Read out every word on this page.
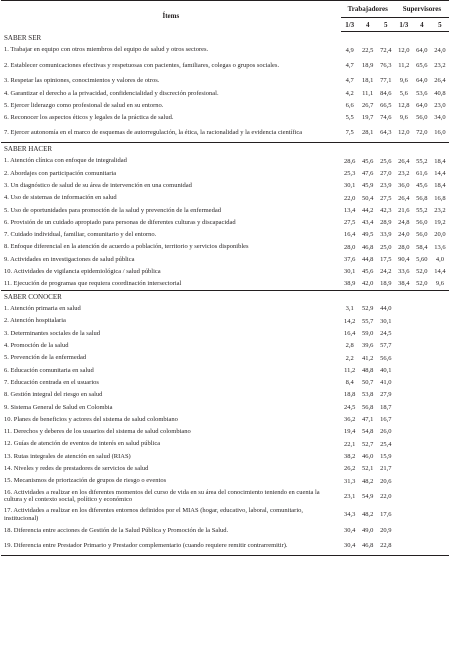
Ítems	Trabajadores			Supervisores		
	1/3	4	5	1/3	4	5
SABER SER						
1. Trabajar en equipo con otros miembros del equipo de salud y otros sectores.	4,9	22,5	72,4	12,0	64,0	24,0
2. Establecer comunicaciones efectivas y respetuosas con pacientes, familiares, colegas o grupos sociales.	4,7	18,9	76,3	11,2	65,6	23,2
3. Respetar las opiniones, conocimientos y valores de otros.	4,7	18,1	77,1	9,6	64,0	26,4
4. Garantizar el derecho a la privacidad, confidencialidad y discreción profesional.	4,2	11,1	84,6	5,6	53,6	40,8
5. Ejercer liderazgo como profesional de salud en su entorno.	6,6	26,7	66,5	12,8	64,0	23,0
6. Reconocer los aspectos éticos y legales de la práctica de salud.	5,5	19,7	74,6	9,6	56,0	34,0
7. Ejercer autonomía en el marco de esquemas de autorregulación, la ética, la racionalidad y la evidencia científica	7,5	28,1	64,3	12,0	72,0	16,0
SABER HACER						
1. Atención clínica con enfoque de integralidad	28,6	45,6	25,6	26,4	55,2	18,4
2. Abordajes con participación comunitaria	25,3	47,6	27,0	23,2	61,6	14,4
3. Un diagnóstico de salud de su área de intervención en una comunidad	30,1	45,9	23,9	36,0	45,6	18,4
4. Uso de sistemas de información en salud	22,0	50,4	27,5	26,4	56,8	16,8
5. Uso de oportunidades para promoción de la salud y prevención de la enfermedad	13,4	44,2	42,3	21,6	55,2	23,2
6. Provisión de un cuidado apropiado para personas de diferentes culturas y discapacidad	27,5	43,4	28,9	24,8	56,0	19,2
7. Cuidado individual, familiar, comunitario y del entorno.	16,4	49,5	33,9	24,0	56,0	20,0
8. Enfoque diferencial en la atención de acuerdo a población, territorio y servicios disponibles	28,0	46,8	25,0	28,0	58,4	13,6
9. Actividades en investigaciones de salud pública	37,6	44,8	17,5	90,4	5,60	4,0
10. Actividades de vigilancia epidemiológica / salud pública	30,1	45,6	24,2	33,6	52,0	14,4
11. Ejecución de programas que requiera coordinación intersectorial	38,9	42,0	18,9	38,4	52,0	9,6
SABER CONOCER						
1. Atención primaria en salud	3,1	52,9	44,0			
2. Atención hospitalaria	14,2	55,7	30,1			
3. Determinantes sociales de la salud	16,4	59,0	24,5			
4. Promoción de la salud	2,8	39,6	57,7			
5. Prevención de la enfermedad	2,2	41,2	56,6			
6. Educación comunitaria en salud	11,2	48,8	40,1			
7. Educación centrada en el usuarios	8,4	50,7	41,0			
8. Gestión integral del riesgo en salud	18,8	53,8	27,9			
9. Sistema General de Salud en Colombia	24,5	56,8	18,7			
10. Planes de beneficios y actores del sistema de salud colombiano	36,2	47,1	16,7			
11. Derechos y deberes de los usuarios del sistema de salud colombiano	19,4	54,8	26,0			
12. Guías de atención de eventos de interés en salud pública	22,1	52,7	25,4			
13. Rutas integrales de atención en salud (RIAS)	38,2	46,0	15,9			
14. Niveles y redes de prestadores de servicios de salud	26,2	52,1	21,7			
15. Mecanismos de priorización de grupos de riesgo o eventos	31,3	48,2	20,6			
16. Actividades a realizar en los diferentes momentos del curso de vida en su área del conocimiento teniendo en cuenta la cultura y el contexto social, político y económico	23,1	54,9	22,0			
17. Actividades a realizar en los diferentes entornos definidos por el MIAS (hogar, educativo, laboral, comunitario, institucional)	34,3	48,2	17,6			
18. Diferencia entre acciones de Gestión de la Salud Pública y Promoción de la Salud.	30,4	49,0	20,9			
19. Diferencia entre Prestador Primario y Prestador complementario (cuando requiere remitir contrarremitir).	30,4	46,8	22,8			
